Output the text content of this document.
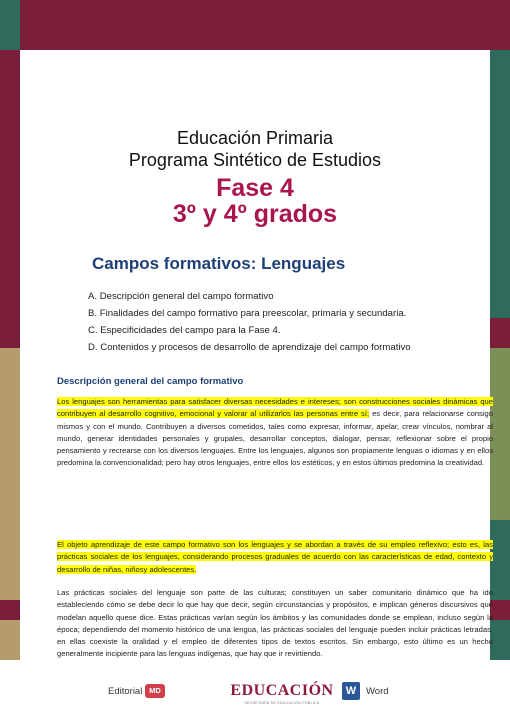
Educación Primaria
Programa Sintético de Estudios
Fase 4
3º y 4º grados
Campos formativos: Lenguajes
A. Descripción general del campo formativo
B. Finalidades del campo formativo para preescolar, primaria y secundaria.
C. Especificidades del campo para la Fase 4.
D. Contenidos y procesos de desarrollo de aprendizaje del campo formativo
Descripción general del campo formativo
Los lenguajes son herramientas para satisfacer diversas necesidades e intereses; son construcciones sociales dinámicas que contribuyen al desarrollo cognitivo, emocional y valorar al utilizarlos las personas entre sí; es decir, para relacionarse consigo mismos y con el mundo. Contribuyen a diversos cometidos, tales como expresar, informar, apelar, crear vínculos, nombrar al mundo, generar identidades personales y grupales, desarrollar conceptos, dialogar, pensar, reflexionar sobre el propio pensamiento y recrearse con los diversos lenguajes. Entre los lenguajes, algunos son propiamente lenguas o idiomas y en ellos predomina la convencionalidad; pero hay otros lenguajes, entre ellos los estéticos, y en estos últimos predomina la creatividad.
El objeto aprendizaje de este campo formativo son los lenguajes y se abordan a través de su empleo reflexivo; esto es, las prácticas sociales de los lenguajes, considerando procesos graduales de acuerdo con las características de edad, contexto y desarrollo de niñas, niñosy adolescentes.
Las prácticas sociales del lenguaje son parte de las culturas; constituyen un saber comunitario dinámico que ha ido estableciendo cómo se debe decir lo que hay que decir, según circunstancias y propósitos, e implican géneros discursivos que modelan aquello quese dice. Estas prácticas varían según los ámbitos y las comunidades donde se emplean, incluso según la época; dependiendo del momento histórico de una lengua, las prácticas sociales del lenguaje pueden incluir prácticas letradas, en ellas coexiste la oralidad y el empleo de diferentes tipos de textos escritos. Sin embargo, esto último es un hecho generalmente incipiente para las lenguas indígenas, que hay que ir revirtiendo.
Editorial MD	EDUCACIÓN
SECRETARÍA DE EDUCACIÓN PÚBLICA
W	Word
